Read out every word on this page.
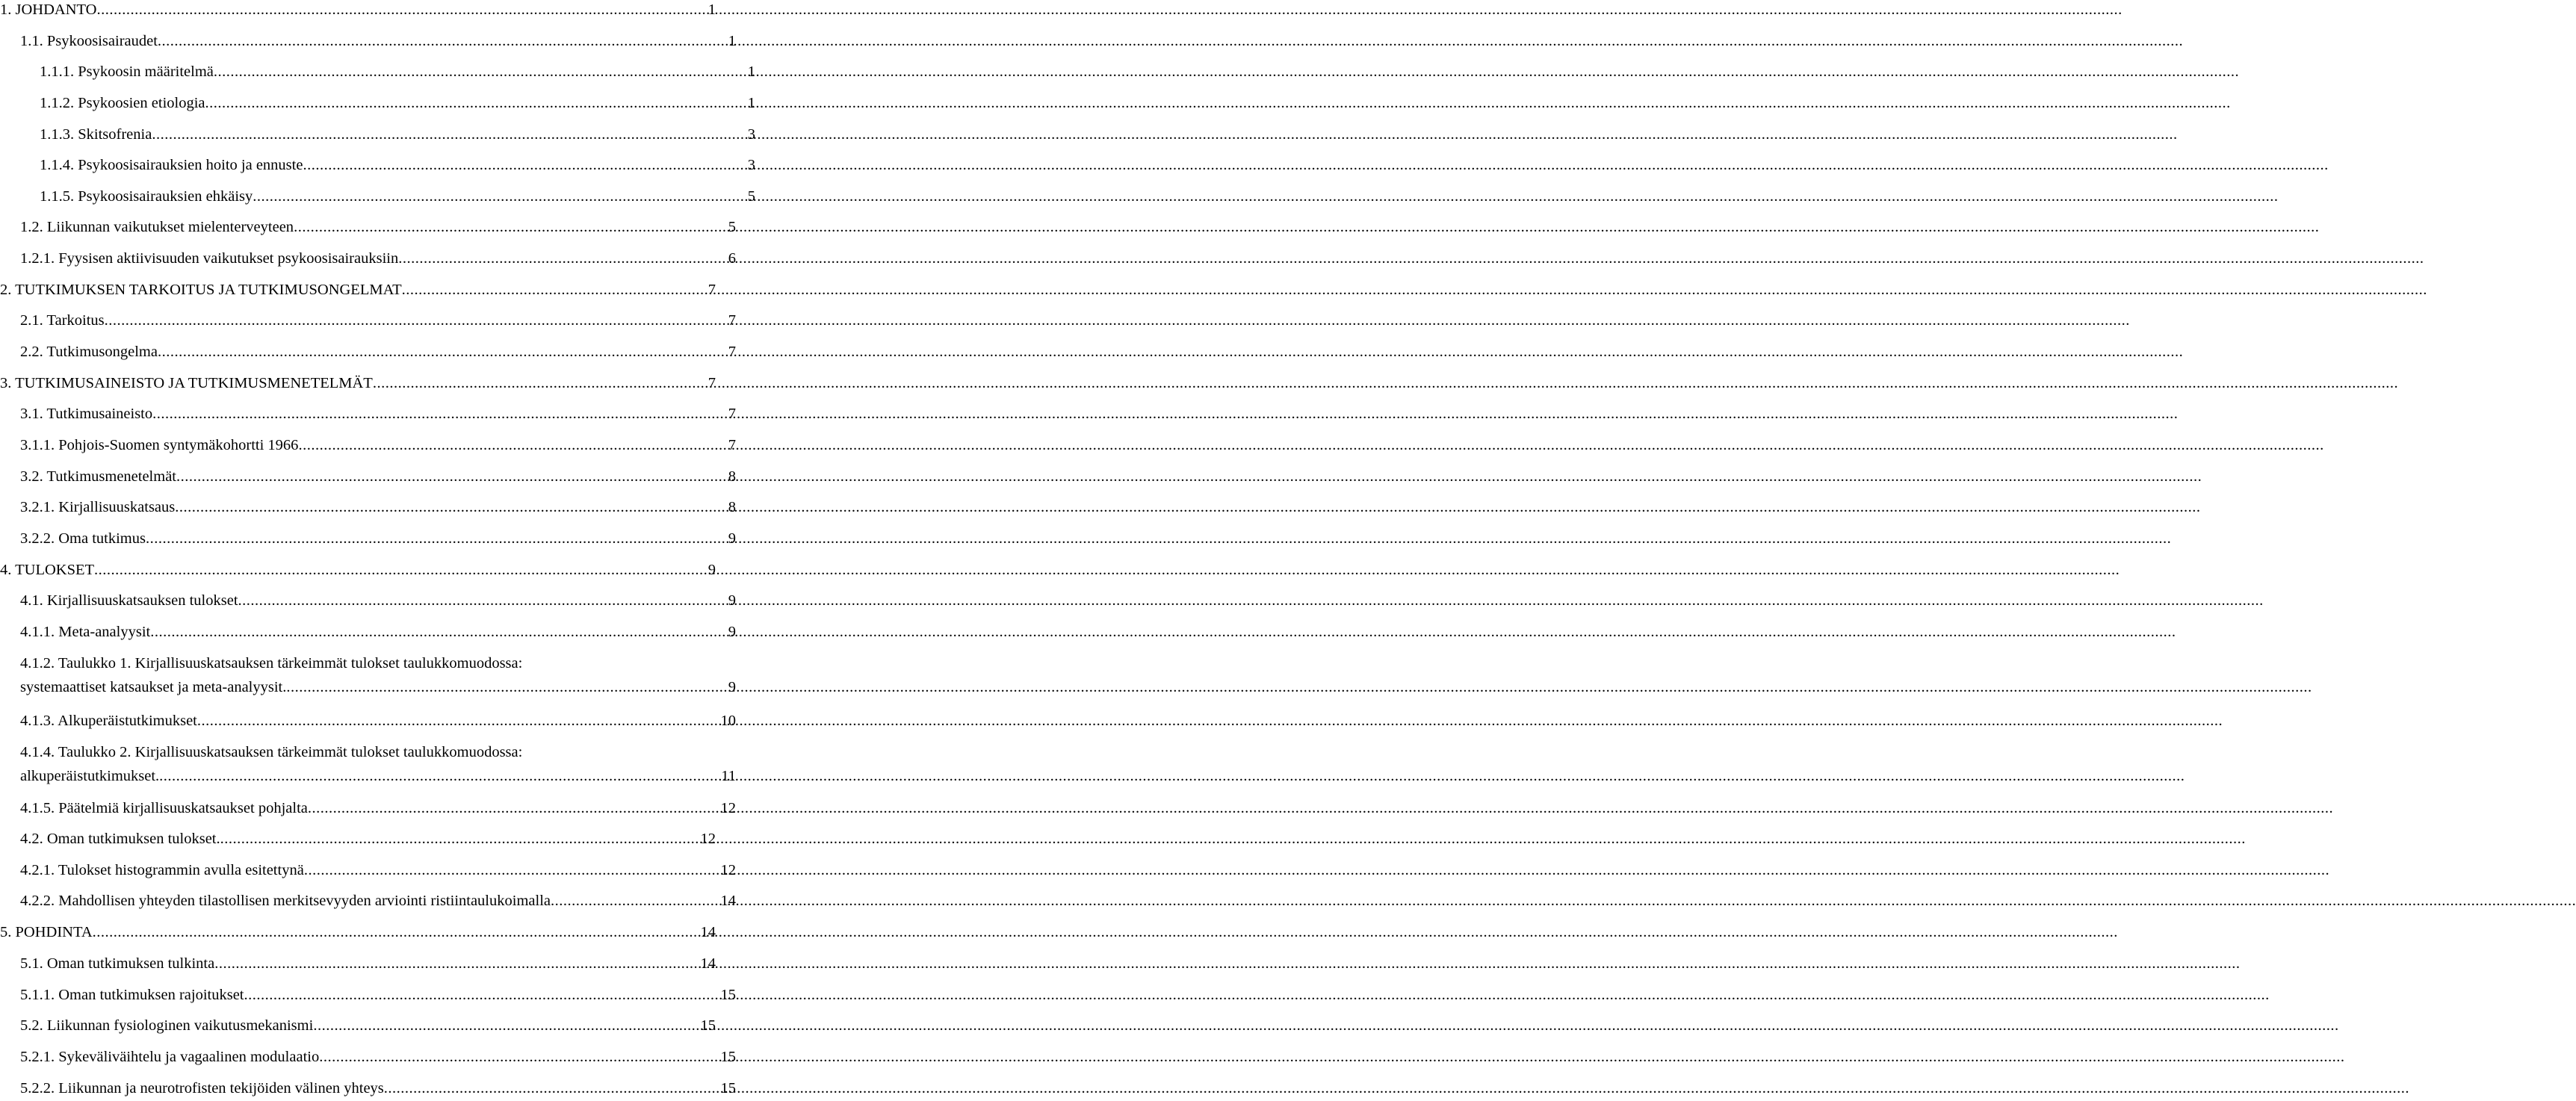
1. JOHDANTO .....	1
1.1. Psykoosisairaudet .....	1
1.1.1. Psykoosin määritelmä .....	1
1.1.2. Psykoosien etiologia .....	1
1.1.3. Skitsofrenia .....	3
1.1.4. Psykoosisairauksien hoito ja ennuste .....	3
1.1.5. Psykoosisairauksien ehkäisy .....	5
1.2. Liikunnan vaikutukset mielenterveyteen .....	5
1.2.1. Fyysisen aktiivisuuden vaikutukset psykoosisairauksiin .....	6
2. TUTKIMUKSEN TARKOITUS JA TUTKIMUSONGELMAT .....	7
2.1. Tarkoitus .....	7
2.2. Tutkimusongelma .....	7
3. TUTKIMUSAINEISTO JA TUTKIMUSMENETELMÄT .....	7
3.1. Tutkimusaineisto .....	7
3.1.1. Pohjois-Suomen syntymäkohortti 1966 .....	7
3.2. Tutkimusmenetelmät .....	8
3.2.1. Kirjallisuuskatsaus .....	8
3.2.2. Oma tutkimus .....	9
4. TULOKSET .....	9
4.1. Kirjallisuuskatsauksen tulokset .....	9
4.1.1. Meta-analyysit .....	9
4.1.2. Taulukko 1. Kirjallisuuskatsauksen tärkeimmät tulokset taulukkomuodossa:
systemaattiset katsaukset ja meta-analyysit. .....	9
4.1.3. Alkuperäistutkimukset .....	10
4.1.4. Taulukko 2. Kirjallisuuskatsauksen tärkeimmät tulokset taulukkomuodossa:
alkuperäistutkimukset. .....	11
4.1.5. Päätelmiä kirjallisuuskatsaukset pohjalta .....	12
4.2. Oman tutkimuksen tulokset. .....	12
4.2.1. Tulokset histogrammin avulla esitettynä .....	12
4.2.2. Mahdollisen yhteyden tilastollisen merkitsevyyden arviointi ristiintaulukoimalla .....	14
5. POHDINTA .....	14
5.1. Oman tutkimuksen tulkinta .....	14
5.1.1. Oman tutkimuksen rajoitukset .....	15
5.2. Liikunnan fysiologinen vaikutusmekanismi .....	15
5.2.1. Sykeväliväihtelu ja vagaalinen modulaatio .....	15
5.2.2. Liikunnan ja neurotrofisten tekijöiden välinen yhteys .....	15
